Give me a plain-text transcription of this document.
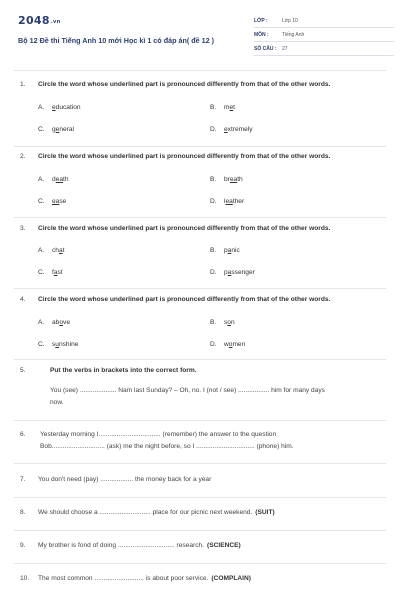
2048.vn
Bộ 12 Đề thi Tiếng Anh 10 mới Học kì 1 có đáp án( đề 12 )
LỚP :	Lớp 10
MÔN :	Tiếng Anh
SỐ CÂU :	27
1. Circle the word whose underlined part is pronounced differently from that of the other words.
A. education	B. met
C. general	D. extremely
2. Circle the word whose underlined part is pronounced differently from that of the other words.
A. death	B. breath
C. ease	D. leather
3. Circle the word whose underlined part is pronounced differently from that of the other words.
A. chat	B. panic
C. fast	D. passenger
4. Circle the word whose underlined part is pronounced differently from that of the other words.
A. above	B. son
C. sunshine	D. women
5.	Put the verbs in brackets into the correct form.
You (see) .................... Nam last Sunday? – Oh, no. I (not / see) ................. him for many days
now.
6.	Yesterday morning I.................................. (remember) the answer to the question
Bob............................. (ask) me the night before, so I ................................ (phone) him.
7.	You don't need (pay) .................. the money back for a year
8.	We should choose a ............................ place for our picnic next weekend. (SUIT)
9.	My brother is fond of doing ............................... research. (SCIENCE)
10.	The most common ........................... is about poor service. (COMPLAIN)
